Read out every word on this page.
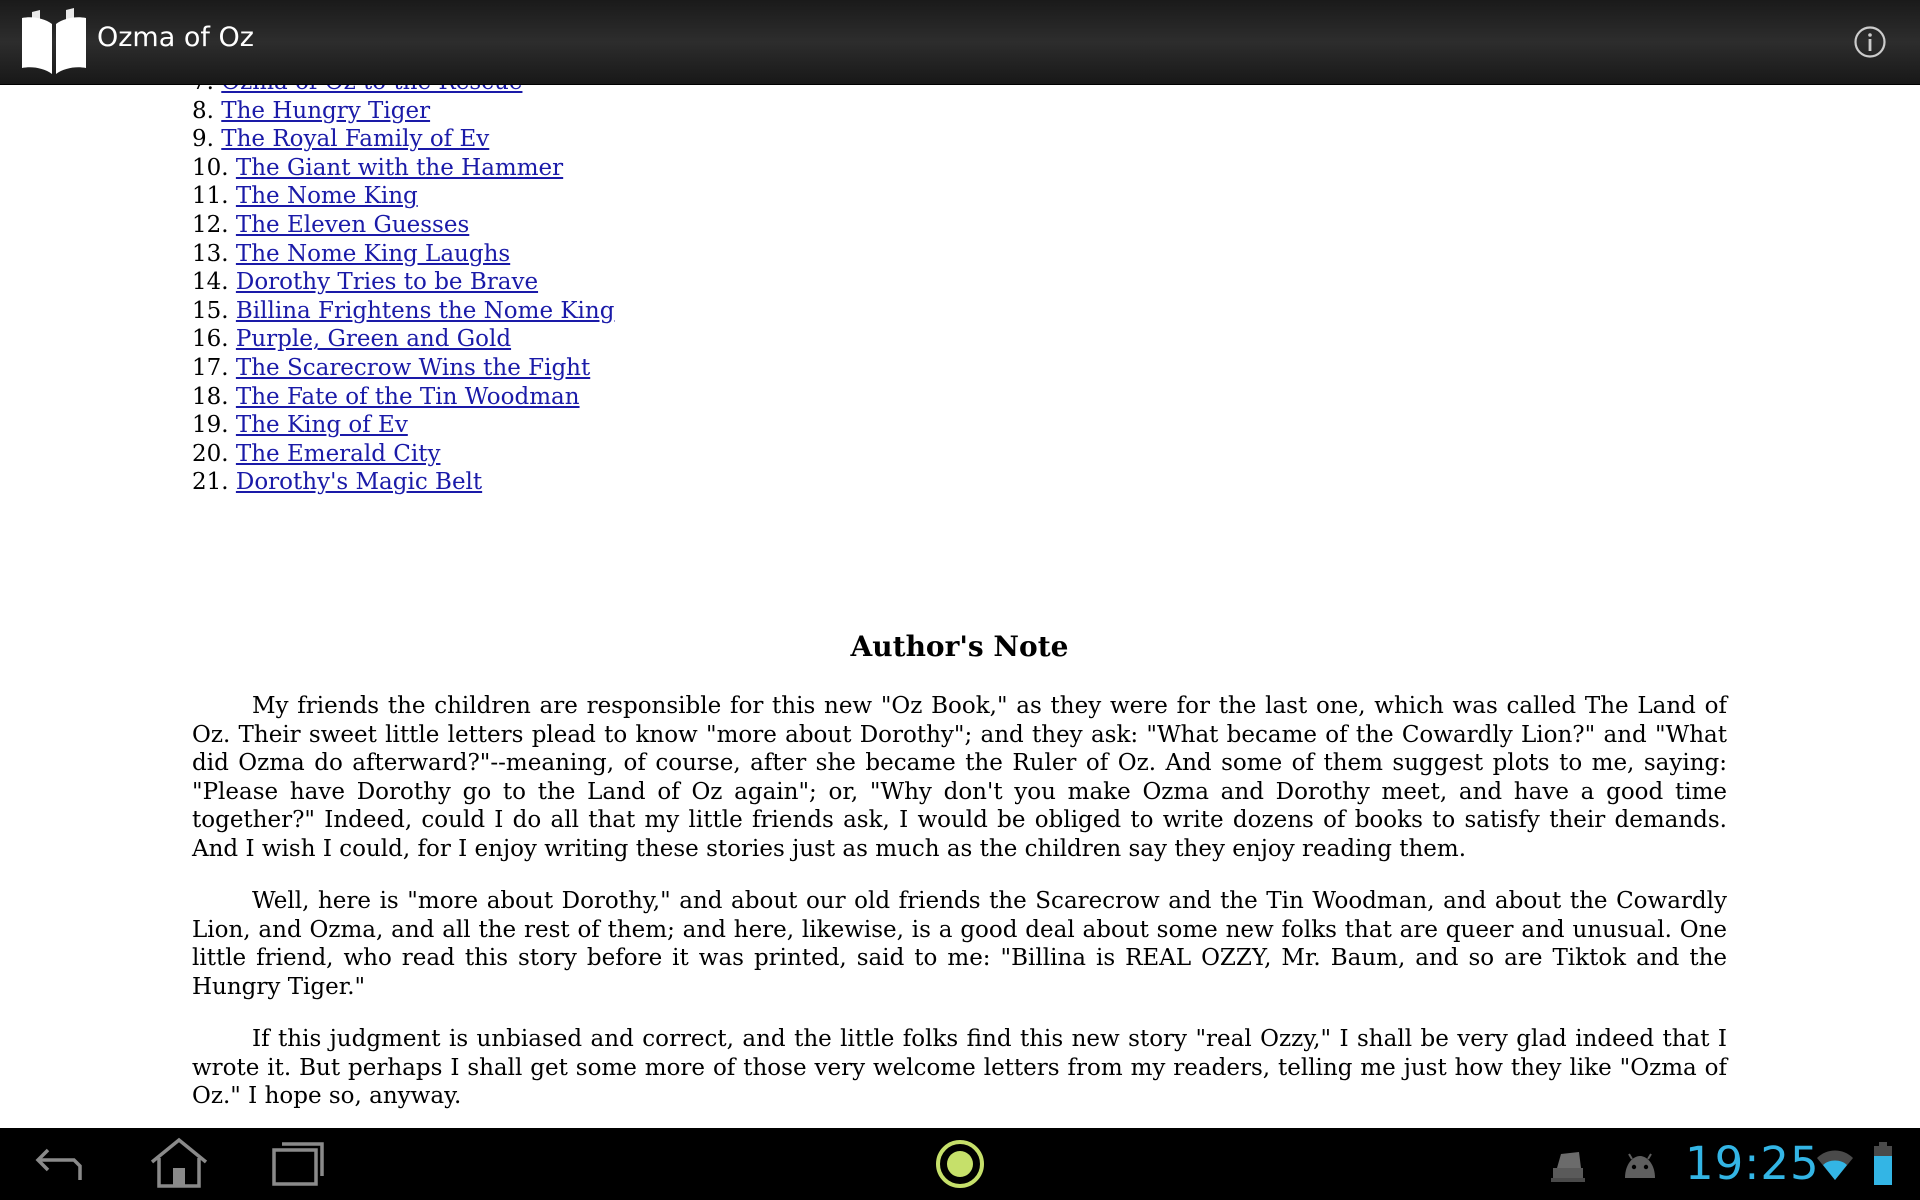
Ozma of Oz
8. The Hungry Tiger
9. The Royal Family of Ev
10. The Giant with the Hammer
11. The Nome King
12. The Eleven Guesses
13. The Nome King Laughs
14. Dorothy Tries to be Brave
15. Billina Frightens the Nome King
16. Purple, Green and Gold
17. The Scarecrow Wins the Fight
18. The Fate of the Tin Woodman
19. The King of Ev
20. The Emerald City
21. Dorothy's Magic Belt
Author's Note

My friends the children are responsible for this new "Oz Book," as they were for the last one, which was called The Land of Oz. Their sweet little letters plead to know "more about Dorothy"; and they ask: "What became of the Cowardly Lion?" and "What did Ozma do afterward?"--meaning, of course, after she became the Ruler of Oz. And some of them suggest plots to me, saying: "Please have Dorothy go to the Land of Oz again"; or, "Why don't you make Ozma and Dorothy meet, and have a good time together?" Indeed, could I do all that my little friends ask, I would be obliged to write dozens of books to satisfy their demands. And I wish I could, for I enjoy writing these stories just as much as the children say they enjoy reading them.

Well, here is "more about Dorothy," and about our old friends the Scarecrow and the Tin Woodman, and about the Cowardly Lion, and Ozma, and all the rest of them; and here, likewise, is a good deal about some new folks that are queer and unusual. One little friend, who read this story before it was printed, said to me: "Billina is REAL OZZY, Mr. Baum, and so are Tiktok and the Hungry Tiger."

If this judgment is unbiased and correct, and the little folks find this new story "real Ozzy," I shall be very glad indeed that I wrote it. But perhaps I shall get some more of those very welcome letters from my readers, telling me just how they like "Ozma of Oz." I hope so, anyway.

19:25
